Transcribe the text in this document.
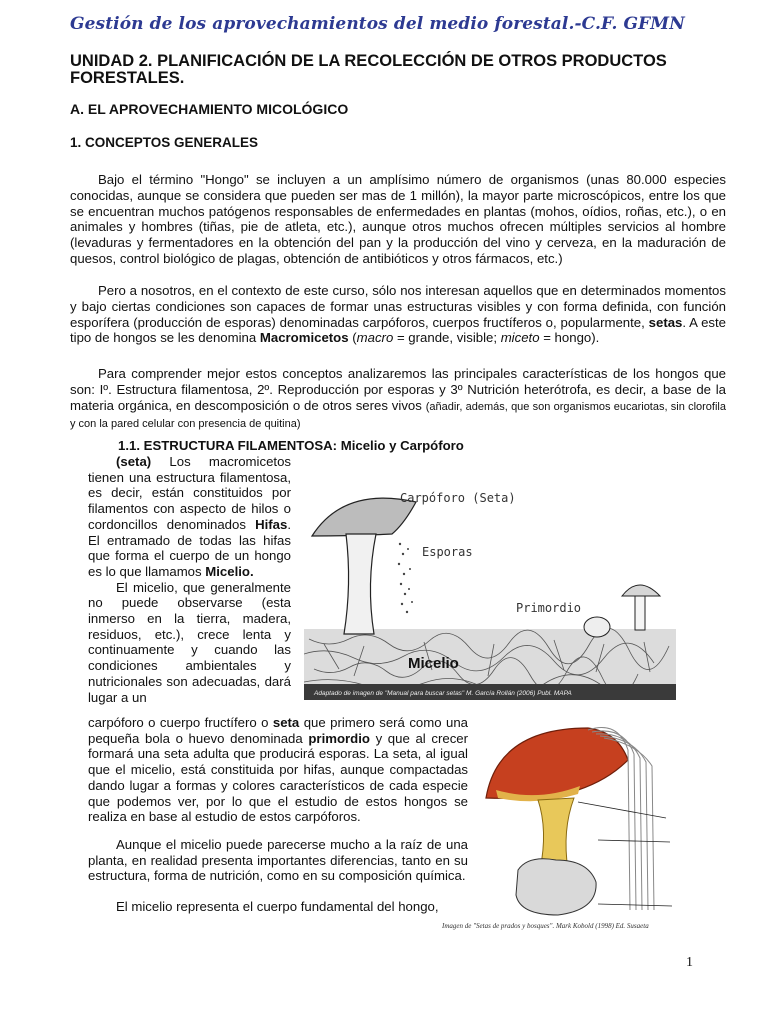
Gestión de los aprovechamientos del medio forestal.-C.F. GFMN
UNIDAD 2. PLANIFICACIÓN DE LA RECOLECCIÓN DE OTROS PRODUCTOS FORESTALES.
A. EL APROVECHAMIENTO MICOLÓGICO
1. CONCEPTOS GENERALES

Bajo el término "Hongo" se incluyen a un amplísimo número de organismos (unas 80.000 especies conocidas, aunque se considera que pueden ser mas de 1 millón), la mayor parte microscópicos, entre los que se encuentran muchos patógenos responsables de enfermedades en plantas (mohos, oídios, roñas, etc.), o en animales y hombres (tiñas, pie de atleta, etc.), aunque otros muchos ofrecen múltiples servicios al hombre (levaduras y fermentadores en la obtención del pan y la producción del vino y cerveza, en la maduración de quesos, control biológico de plagas, obtención de antibióticos y otros fármacos, etc.)

Pero a nosotros, en el contexto de este curso, sólo nos interesan aquellos que en determinados momentos y bajo ciertas condiciones son capaces de formar unas estructuras visibles y con forma definida, con función esporífera (producción de esporas) denominadas carpóforos, cuerpos fructíferos o, popularmente, setas. A este tipo de hongos se les denomina Macromicetos (macro = grande, visible; miceto = hongo).

Para comprender mejor estos conceptos analizaremos las principales características de los hongos que son: Iº. Estructura filamentosa, 2º. Reproducción por esporas y 3º Nutrición heterótrofa, es decir, a base de la materia orgánica, en descomposición o de otros seres vivos (añadir, además, que son organismos eucariotas, sin clorofila y con la pared celular con presencia de quitina)

1.1. ESTRUCTURA FILAMENTOSA: Micelio y Carpóforo

(seta) Los macromicetos tienen una estructura filamentosa, es decir, están constituidos por filamentos con aspecto de hilos o cordoncillos denominados Hifas. El entramado de todas las hifas que forma el cuerpo de un hongo es lo que llamamos Micelio.
El micelio, que generalmente no puede observarse (esta inmerso en la tierra, madera, residuos, etc.), crece lenta y continuamente y cuando las condiciones ambientales y nutricionales son adecuadas, dará lugar a un

carpóforo o cuerpo fructífero o seta que primero será como una pequeña bola o huevo denominada primordio y que al crecer formará una seta adulta que producirá esporas. La seta, al igual que el micelio, está constituida por hifas, aunque compactadas dando lugar a formas y colores característicos de cada especie que podemos ver, por lo que el estudio de estos hongos se realiza en base al estudio de estos carpóforos.

Aunque el micelio puede parecerse mucho a la raíz de una planta, en realidad presenta importantes diferencias, tanto en su estructura, forma de nutrición, como en su composición química.

El micelio representa el cuerpo fundamental del hongo,

Carpóforo (Seta)
Esporas
Primordio
Micelio
Adaptado de imagen de "Manual para buscar setas" M. García Rollán (2006) Publ. MAPA
Imagen de "Setas de prados y bosques". Mark Kobold (1998) Ed. Susaeta
1
